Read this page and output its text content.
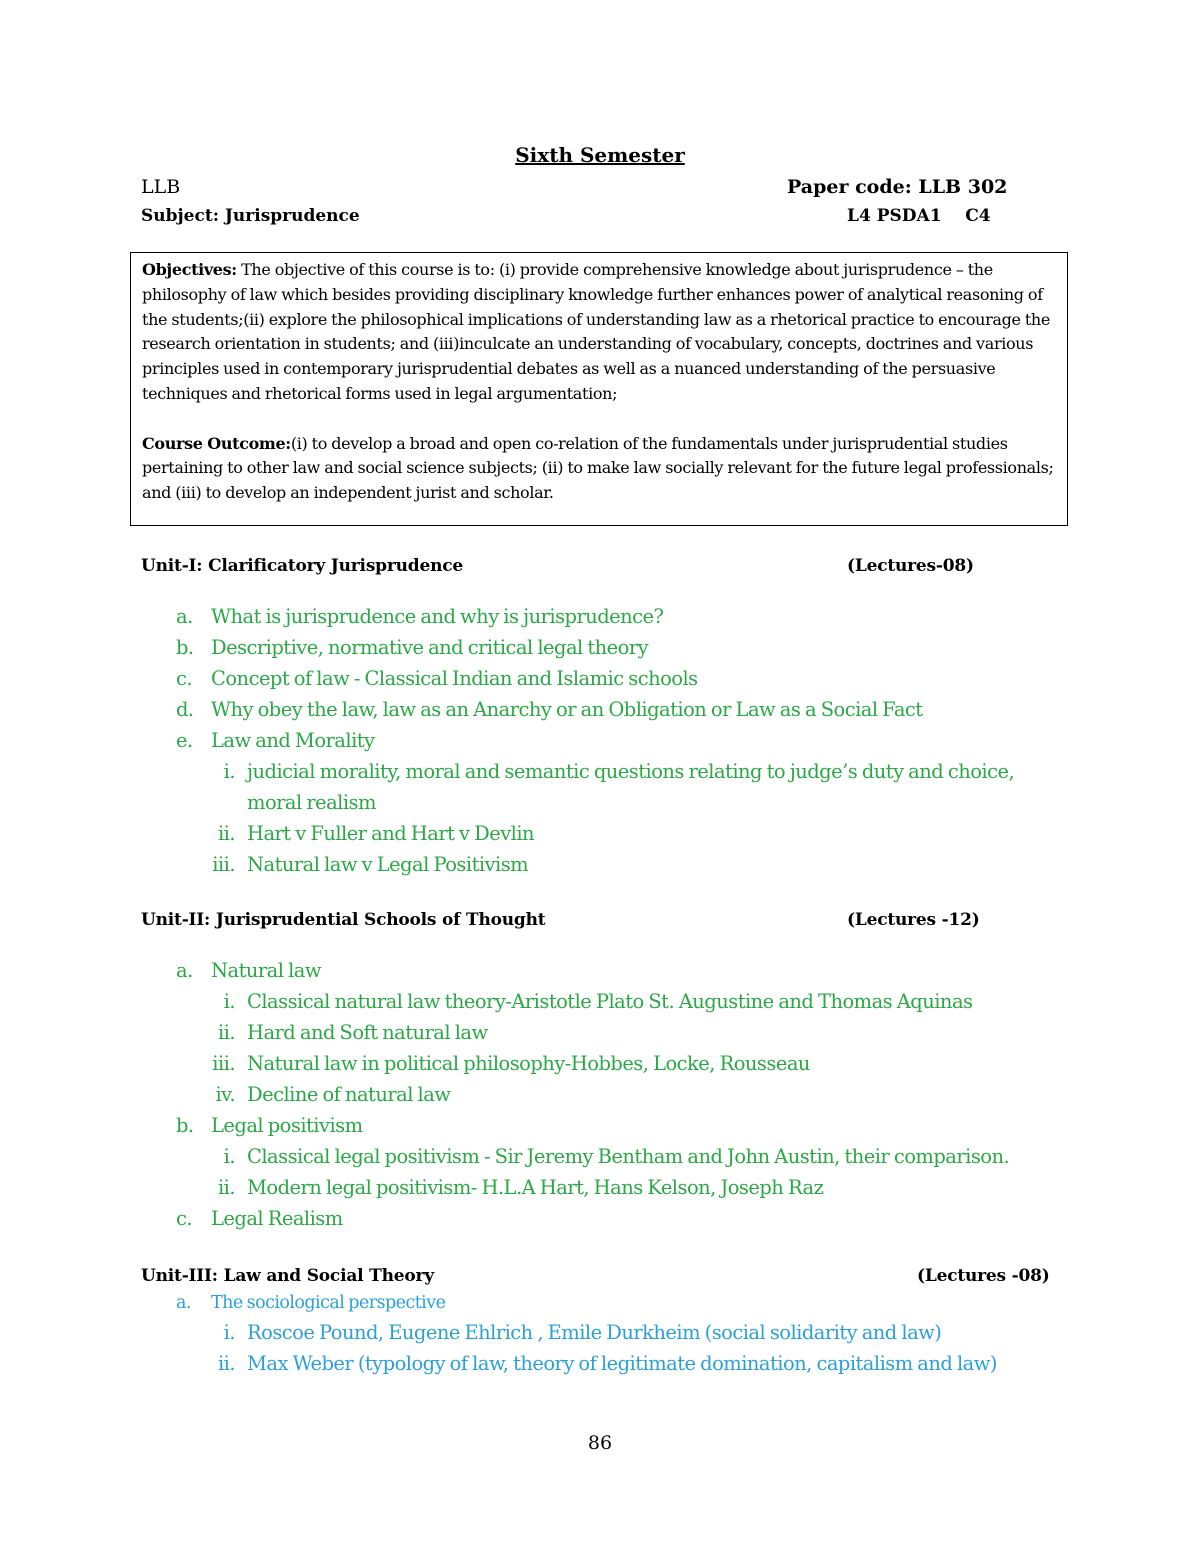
Sixth Semester
LLB	Paper code: LLB 302
Subject: Jurisprudence	L4 PSDA1    C4

Objectives: The objective of this course is to: (i) provide comprehensive knowledge about jurisprudence – the philosophy of law which besides providing disciplinary knowledge further enhances power of analytical reasoning of the students;(ii) explore the philosophical implications of understanding law as a rhetorical practice to encourage the research orientation in students; and (iii)inculcate an understanding of vocabulary, concepts, doctrines and various principles used in contemporary jurisprudential debates as well as a nuanced understanding of the persuasive techniques and rhetorical forms used in legal argumentation;

Course Outcome:(i) to develop a broad and open co-relation of the fundamentals under jurisprudential studies pertaining to other law and social science subjects; (ii) to make law socially relevant for the future legal professionals; and (iii) to develop an independent jurist and scholar.

Unit-I: Clarificatory Jurisprudence	(Lectures-08)
a. What is jurisprudence and why is jurisprudence?
b. Descriptive, normative and critical legal theory
c. Concept of law - Classical Indian and Islamic schools
d. Why obey the law, law as an Anarchy or an Obligation or Law as a Social Fact
e. Law and Morality
i. judicial morality, moral and semantic questions relating to judge’s duty and choice,
moral realism
ii. Hart v Fuller and Hart v Devlin
iii. Natural law v Legal Positivism
Unit-II: Jurisprudential Schools of Thought	(Lectures -12)
a. Natural law
i. Classical natural law theory-Aristotle Plato St. Augustine and Thomas Aquinas
ii. Hard and Soft natural law
iii. Natural law in political philosophy-Hobbes, Locke, Rousseau
iv. Decline of natural law
b. Legal positivism
i. Classical legal positivism - Sir Jeremy Bentham and John Austin, their comparison.
ii. Modern legal positivism- H.L.A Hart, Hans Kelson, Joseph Raz
c. Legal Realism
Unit-III: Law and Social Theory	(Lectures -08)
a. The sociological perspective
i. Roscoe Pound, Eugene Ehlrich , Emile Durkheim (social solidarity and law)
ii. Max Weber (typology of law, theory of legitimate domination, capitalism and law)
86
